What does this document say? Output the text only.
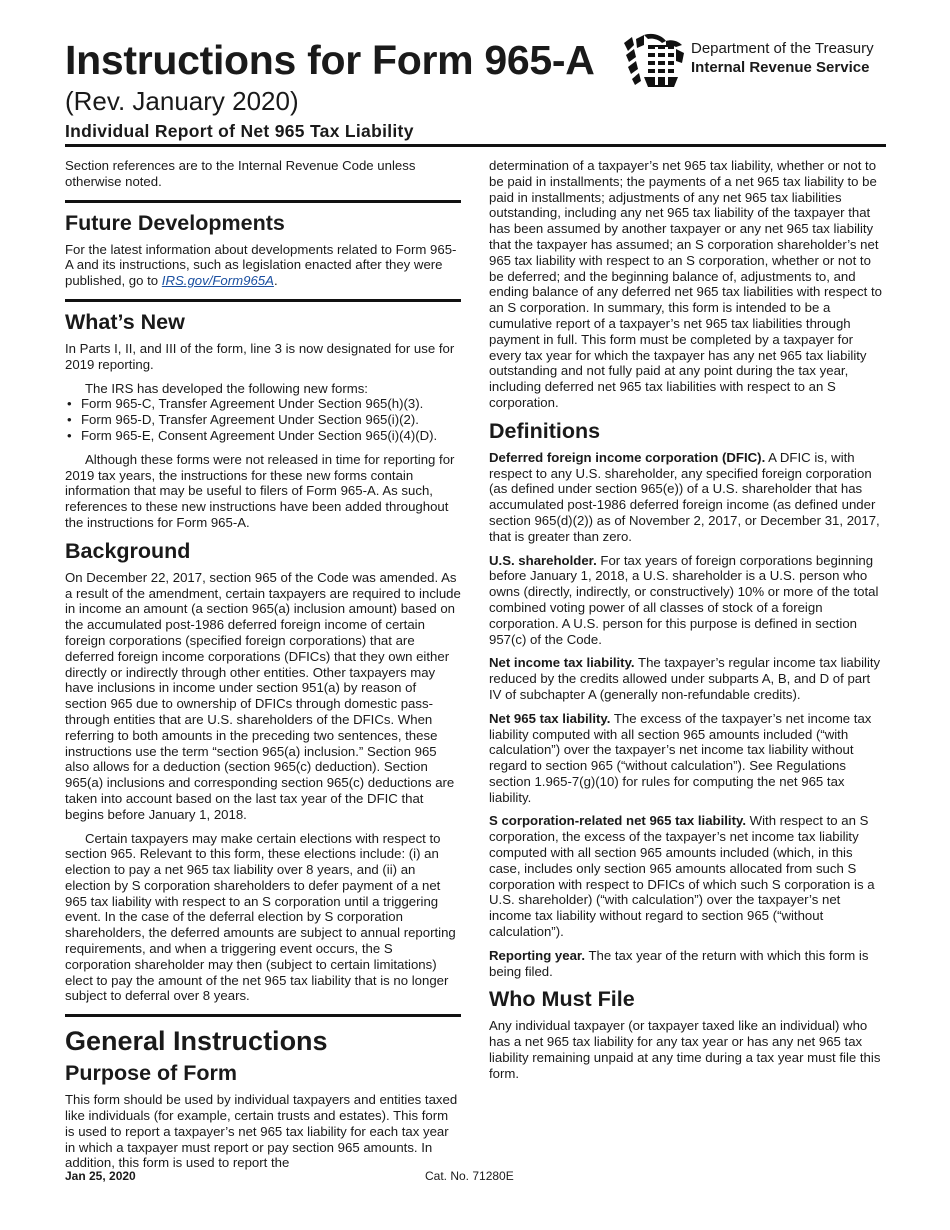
Instructions for Form 965-A
(Rev. January 2020)
Individual Report of Net 965 Tax Liability
Department of the Treasury
Internal Revenue Service

Section references are to the Internal Revenue Code unless otherwise noted.

Future Developments

For the latest information about developments related to Form 965-A and its instructions, such as legislation enacted after they were published, go to IRS.gov/Form965A.

What’s New

In Parts I, II, and III of the form, line 3 is now designated for use for 2019 reporting.

The IRS has developed the following new forms:

• Form 965-C, Transfer Agreement Under Section 965(h)(3).
• Form 965-D, Transfer Agreement Under Section 965(i)(2).
• Form 965-E, Consent Agreement Under Section 965(i)(4)(D).

Although these forms were not released in time for reporting for 2019 tax years, the instructions for these new forms contain information that may be useful to filers of Form 965-A. As such, references to these new instructions have been added throughout the instructions for Form 965-A.

Background

On December 22, 2017, section 965 of the Code was amended. As a result of the amendment, certain taxpayers are required to include in income an amount (a section 965(a) inclusion amount) based on the accumulated post-1986 deferred foreign income of certain foreign corporations (specified foreign corporations) that are deferred foreign income corporations (DFICs) that they own either directly or indirectly through other entities. Other taxpayers may have inclusions in income under section 951(a) by reason of section 965 due to ownership of DFICs through domestic pass-through entities that are U.S. shareholders of the DFICs. When referring to both amounts in the preceding two sentences, these instructions use the term “section 965(a) inclusion.” Section 965 also allows for a deduction (section 965(c) deduction). Section 965(a) inclusions and corresponding section 965(c) deductions are taken into account based on the last tax year of the DFIC that begins before January 1, 2018.

Certain taxpayers may make certain elections with respect to section 965. Relevant to this form, these elections include: (i) an election to pay a net 965 tax liability over 8 years, and (ii) an election by S corporation shareholders to defer payment of a net 965 tax liability with respect to an S corporation until a triggering event. In the case of the deferral election by S corporation shareholders, the deferred amounts are subject to annual reporting requirements, and when a triggering event occurs, the S corporation shareholder may then (subject to certain limitations) elect to pay the amount of the net 965 tax liability that is no longer subject to deferral over 8 years.

General Instructions
Purpose of Form

This form should be used by individual taxpayers and entities taxed like individuals (for example, certain trusts and estates). This form is used to report a taxpayer’s net 965 tax liability for each tax year in which a taxpayer must report or pay section 965 amounts. In addition, this form is used to report the

determination of a taxpayer’s net 965 tax liability, whether or not to be paid in installments; the payments of a net 965 tax liability to be paid in installments; adjustments of any net 965 tax liabilities outstanding, including any net 965 tax liability of the taxpayer that has been assumed by another taxpayer or any net 965 tax liability that the taxpayer has assumed; an S corporation shareholder’s net 965 tax liability with respect to an S corporation, whether or not to be deferred; and the beginning balance of, adjustments to, and ending balance of any deferred net 965 tax liabilities with respect to an S corporation. In summary, this form is intended to be a cumulative report of a taxpayer’s net 965 tax liabilities through payment in full. This form must be completed by a taxpayer for every tax year for which the taxpayer has any net 965 tax liability outstanding and not fully paid at any point during the tax year, including deferred net 965 tax liabilities with respect to an S corporation.

Definitions

Deferred foreign income corporation (DFIC). A DFIC is, with respect to any U.S. shareholder, any specified foreign corporation (as defined under section 965(e)) of a U.S. shareholder that has accumulated post-1986 deferred foreign income (as defined under section 965(d)(2)) as of November 2, 2017, or December 31, 2017, that is greater than zero.

U.S. shareholder. For tax years of foreign corporations beginning before January 1, 2018, a U.S. shareholder is a U.S. person who owns (directly, indirectly, or constructively) 10% or more of the total combined voting power of all classes of stock of a foreign corporation. A U.S. person for this purpose is defined in section 957(c) of the Code.

Net income tax liability. The taxpayer’s regular income tax liability reduced by the credits allowed under subparts A, B, and D of part IV of subchapter A (generally non-refundable credits).

Net 965 tax liability. The excess of the taxpayer’s net income tax liability computed with all section 965 amounts included (“with calculation”) over the taxpayer’s net income tax liability without regard to section 965 (“without calculation”). See Regulations section 1.965-7(g)(10) for rules for computing the net 965 tax liability.

S corporation-related net 965 tax liability. With respect to an S corporation, the excess of the taxpayer’s net income tax liability computed with all section 965 amounts included (which, in this case, includes only section 965 amounts allocated from such S corporation with respect to DFICs of which such S corporation is a U.S. shareholder) (“with calculation”) over the taxpayer’s net income tax liability without regard to section 965 (“without calculation”).

Reporting year. The tax year of the return with which this form is being filed.

Who Must File

Any individual taxpayer (or taxpayer taxed like an individual) who has a net 965 tax liability for any tax year or has any net 965 tax liability remaining unpaid at any time during a tax year must file this form.

Jan 25, 2020	Cat. No. 71280E
